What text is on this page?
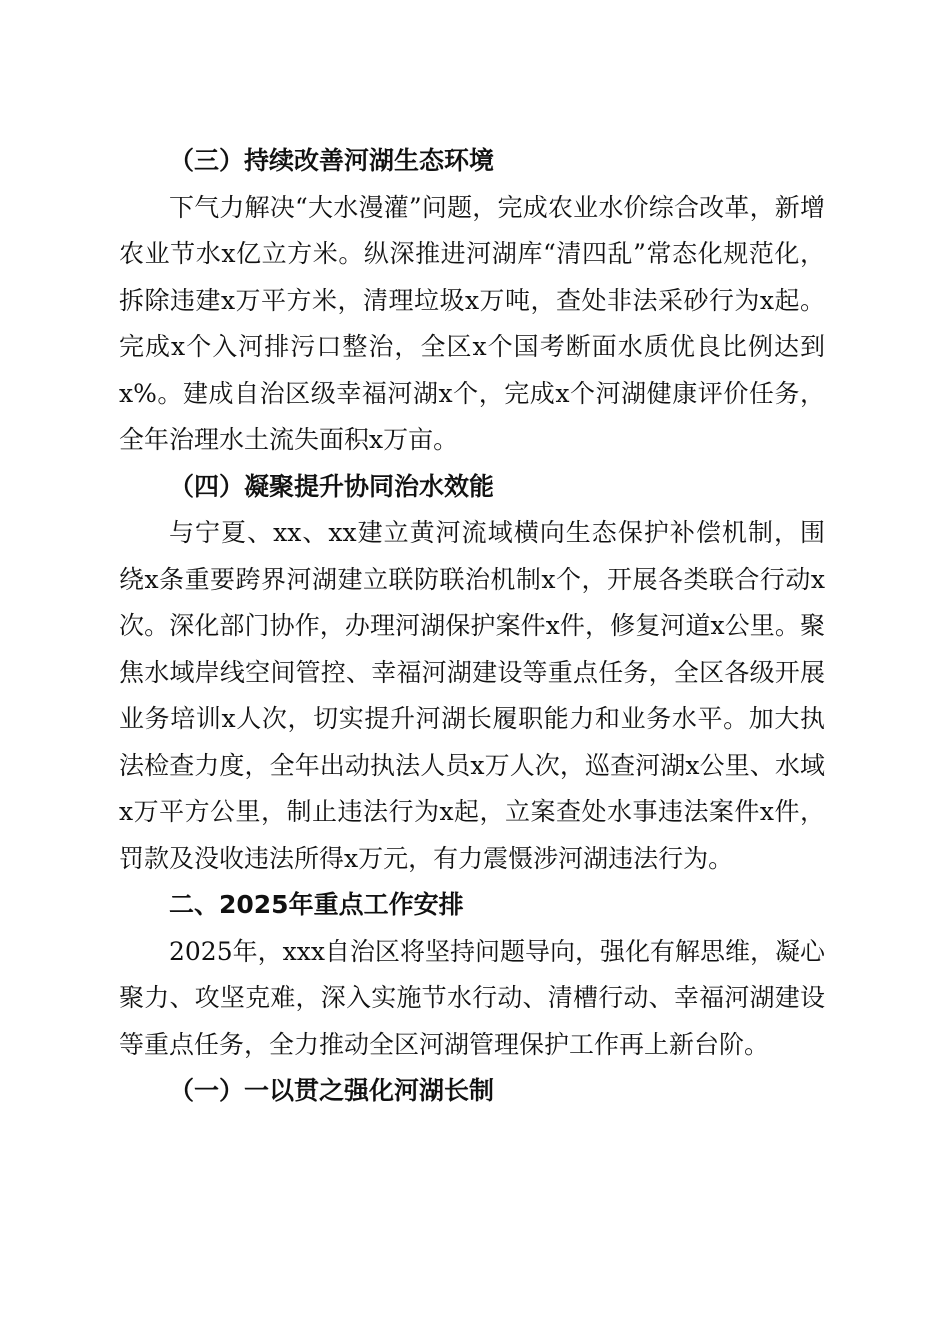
（三）持续改善河湖生态环境

下气力解决“大水漫灌”问题，完成农业水价综合改革，新增农业节水x亿立方米。纵深推进河湖库“清四乱”常态化规范化，拆除违建x万平方米，清理垃圾x万吨，查处非法采砂行为x起。完成x个入河排污口整治，全区x个国考断面水质优良比例达到x%。建成自治区级幸福河湖x个，完成x个河湖健康评价任务，全年治理水土流失面积x万亩。

（四）凝聚提升协同治水效能

与宁夏、xx、xx建立黄河流域横向生态保护补偿机制，围绕x条重要跨界河湖建立联防联治机制x个，开展各类联合行动x次。深化部门协作，办理河湖保护案件x件，修复河道x公里。聚焦水域岸线空间管控、幸福河湖建设等重点任务，全区各级开展业务培训x人次，切实提升河湖长履职能力和业务水平。加大执法检查力度，全年出动执法人员x万人次，巡查河湖x公里、水域x万平方公里，制止违法行为x起，立案查处水事违法案件x件，罚款及没收违法所得x万元，有力震慑涉河湖违法行为。

二、2025年重点工作安排

2025年，xxx自治区将坚持问题导向，强化有解思维，凝心聚力、攻坚克难，深入实施节水行动、清槽行动、幸福河湖建设等重点任务，全力推动全区河湖管理保护工作再上新台阶。

（一）一以贯之强化河湖长制
